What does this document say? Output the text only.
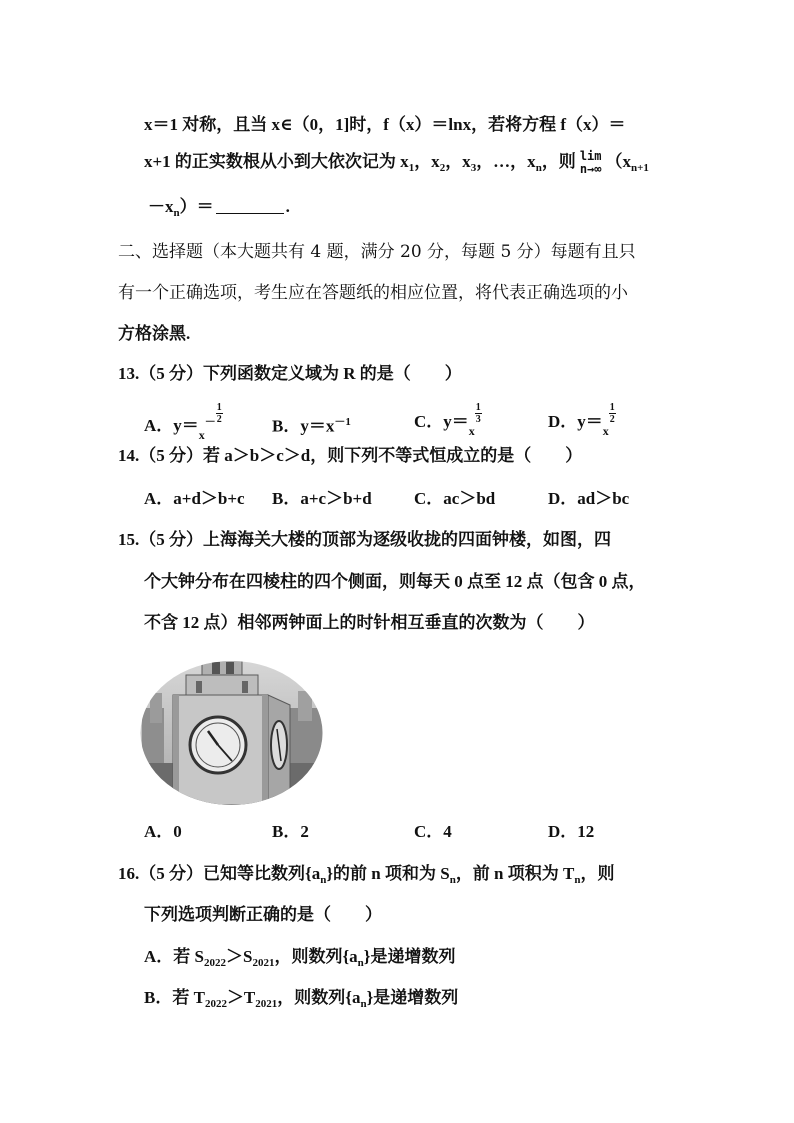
x＝1 对称，且当 x∈（0，1]时，f（x）＝lnx，若将方程 f（x）＝
x+1 的正实数根从小到大依次记为 $x_1$，$x_2$，$x_3$，…，$x_n$，则 lim
n→∞ （$x_{n+1}$
$-x_n)=$	.
二、选择题（本大题共有 4 题，满分 20 分，每题 5 分）每题有且只
有一个正确选项，考生应在答题纸的相应位置，将代表正确选项的小
方格涂黑.
13.（5 分）下列函数定义域为 R 的是（　　）
A．$y=_x^- \frac{1}{2}$
B．$y=x^{-1}$	C．$y=_x$
$\frac{1}{3}$	D．$y=_x$
$\frac{1}{2}$
14.（5 分）若 a＞b＞c＞d，则下列不等式恒成立的是（　　）
A．a+d＞b+c B．a+c＞b+d C．ac＞bd	D．ad＞bc
15.（5 分）上海海关大楼的顶部为逐级收拢的四面钟楼，如图，四
个大钟分布在四棱柱的四个侧面，则每天 0 点至 12 点（包含 0 点，
不含 12 点）相邻两钟面上的时针相互垂直的次数为（　　）
A．0	B．2	C．4	D．12
16.（5 分）已知等比数列$\{a_n\}$的前 n 项和为 $S_n$，前 n 项积为 $T_n$，则
下列选项判断正确的是（　　）
A．若 $S_{2022}>S_{2021}$，则数列$\{a_n\}$是递增数列
B．若 $T_{2022}>T_{2021}$，则数列$\{a_n\}$是递增数列
